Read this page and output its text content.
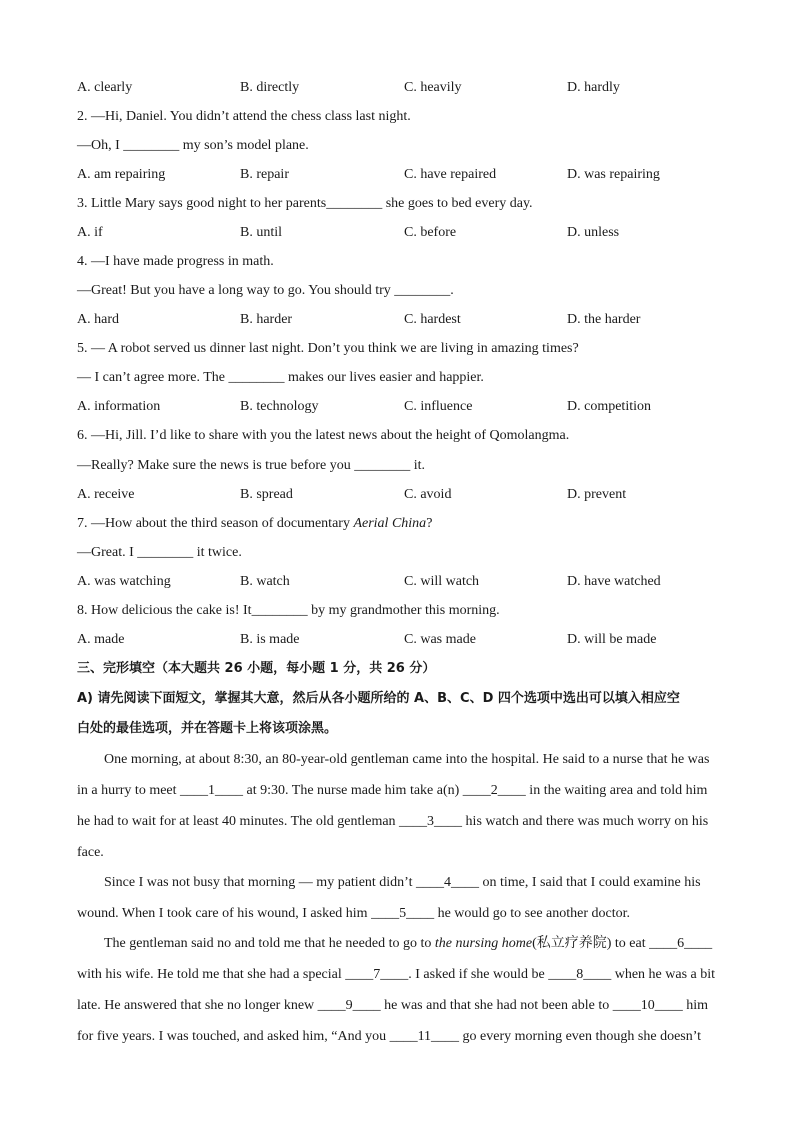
A. clearly	B. directly	C. heavily	D. hardly
2. —Hi, Daniel. You didn’t attend the chess class last night.
—Oh, I ________ my son’s model plane.
A. am repairing	B. repair	C. have repaired	D. was repairing
3. Little Mary says good night to her parents________ she goes to bed every day.
A. if	B. until	C. before	D. unless
4. —I have made progress in math.
—Great! But you have a long way to go. You should try ________.
A. hard	B. harder	C. hardest	D. the harder
5. — A robot served us dinner last night. Don’t you think we are living in amazing times?
— I can’t agree more. The ________ makes our lives easier and happier.
A. information	B. technology	C. influence	D. competition
6. —Hi, Jill. I’d like to share with you the latest news about the height of Qomolangma.
—Really? Make sure the news is true before you ________ it.
A. receive	B. spread	C. avoid	D. prevent
7. —How about the third season of documentary Aerial China?
—Great. I ________ it twice.
A. was watching	B. watch	C. will watch	D. have watched
8. How delicious the cake is! It________ by my grandmother this morning.
A. made	B. is made	C. was made	D. will be made
三、完形填空（本大题共 26 小题，每小题 1 分，共 26 分）
A) 请先阅读下面短文，掌握其大意，然后从各小题所给的 A、B、C、D 四个选项中选出可以填入相应空
白处的最佳选项，并在答题卡上将该项涂黑。
One morning, at about 8:30, an 80-year-old gentleman came into the hospital. He said to a nurse that he was
in a hurry to meet ____1____ at 9:30. The nurse made him take a(n) ____2____ in the waiting area and told him
he had to wait for at least 40 minutes. The old gentleman ____3____ his watch and there was much worry on his
face.
Since I was not busy that morning — my patient didn’t ____4____ on time, I said that I could examine his
wound. When I took care of his wound, I asked him ____5____ he would go to see another doctor.
The gentleman said no and told me that he needed to go to the nursing home(私立疗养院) to eat ____6____
with his wife. He told me that she had a special ____7____. I asked if she would be ____8____ when he was a bit
late. He answered that she no longer knew ____9____ he was and that she had not been able to ____10____ him
for five years. I was touched, and asked him, “And you ____11____ go every morning even though she doesn’t
